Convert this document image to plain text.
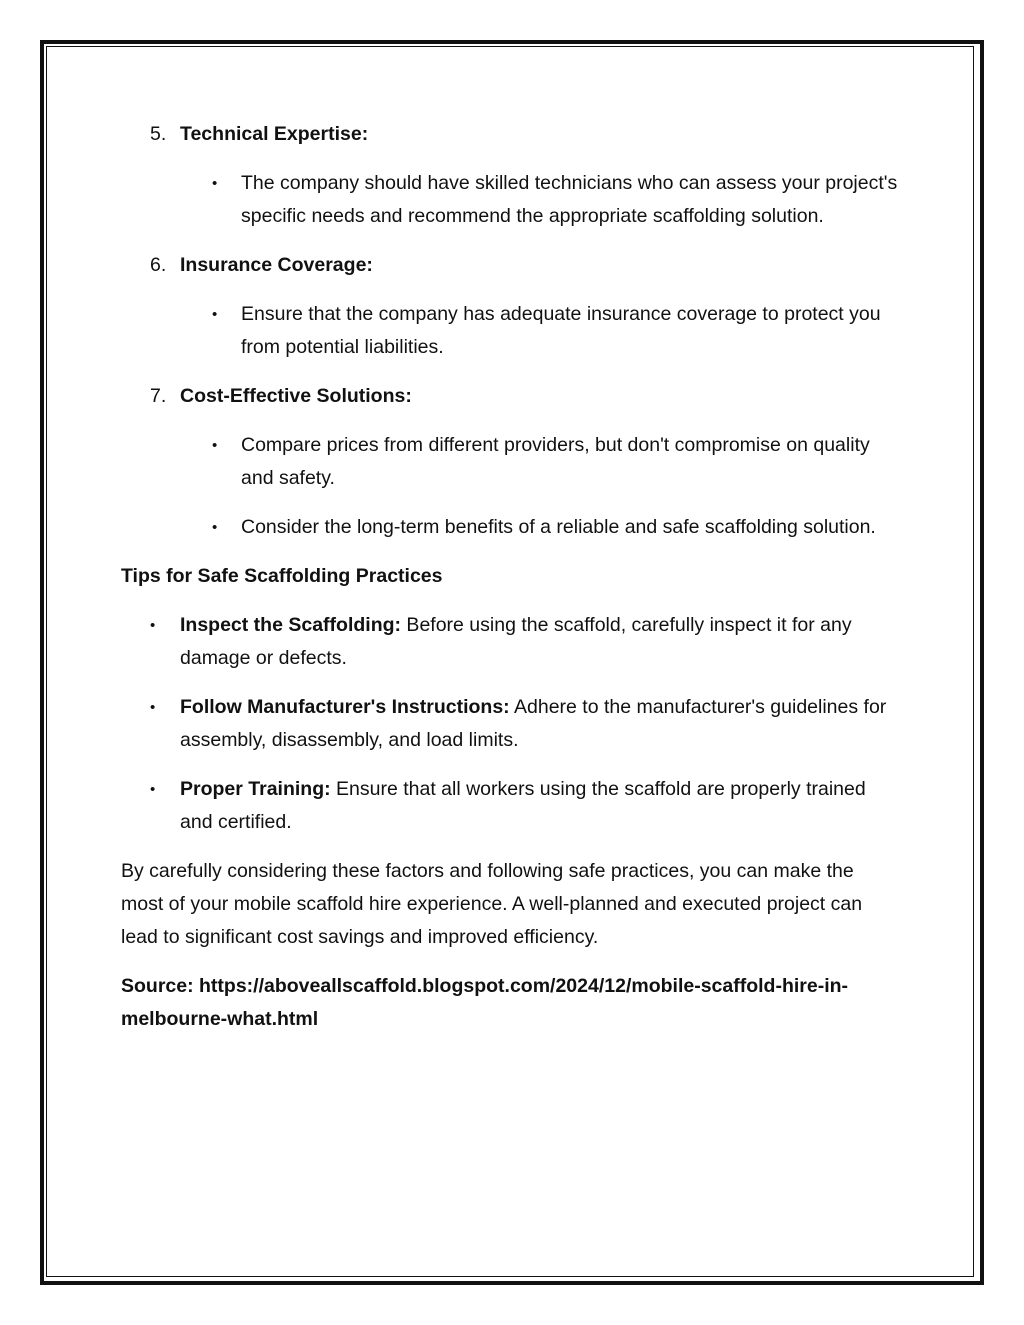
5. Technical Expertise:

• The company should have skilled technicians who can assess your project's specific needs and recommend the appropriate scaffolding solution.

6. Insurance Coverage:

• Ensure that the company has adequate insurance coverage to protect you from potential liabilities.

7. Cost-Effective Solutions:

• Compare prices from different providers, but don't compromise on quality and safety.

• Consider the long-term benefits of a reliable and safe scaffolding solution.

Tips for Safe Scaffolding Practices

• Inspect the Scaffolding: Before using the scaffold, carefully inspect it for any damage or defects.

• Follow Manufacturer's Instructions: Adhere to the manufacturer's guidelines for assembly, disassembly, and load limits.

• Proper Training: Ensure that all workers using the scaffold are properly trained and certified.

By carefully considering these factors and following safe practices, you can make the most of your mobile scaffold hire experience. A well-planned and executed project can lead to significant cost savings and improved efficiency.

Source: https://aboveallscaffold.blogspot.com/2024/12/mobile-scaffold-hire-in-melbourne-what.html
